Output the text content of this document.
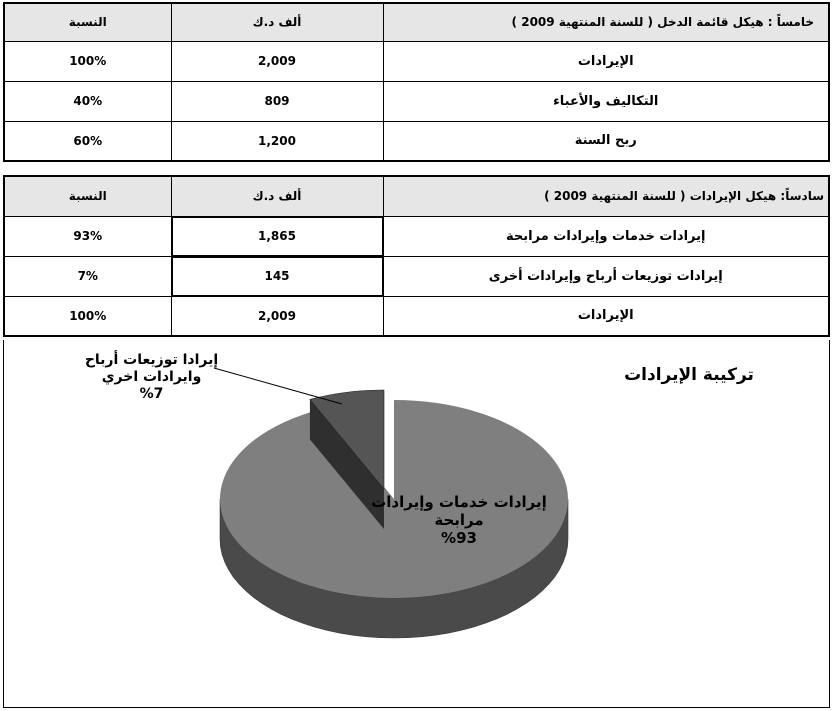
النسبة	ألف د.ك	خامساً : هيكل قائمة الدخل ( للسنة المنتهية 2009 )
100%	2,009	الإيرادات
40%	809	التكاليف والأعباء
60%	1,200	ربح السنة
النسبة	ألف د.ك	سادساً: هيكل الإيرادات ( للسنة المنتهية 2009 )
93%	1,865	إيرادات خدمات وإيرادات مرابحة
7%	145	إيرادات توزيعات أرباح وإيرادات أخرى
100%	2,009	الإيرادات
تركيبة الإيرادات
إيرادا توزيعات أرباح
وايرادات اخري
%7
إيرادات خدمات وإيرادات
مرابحة
%93
